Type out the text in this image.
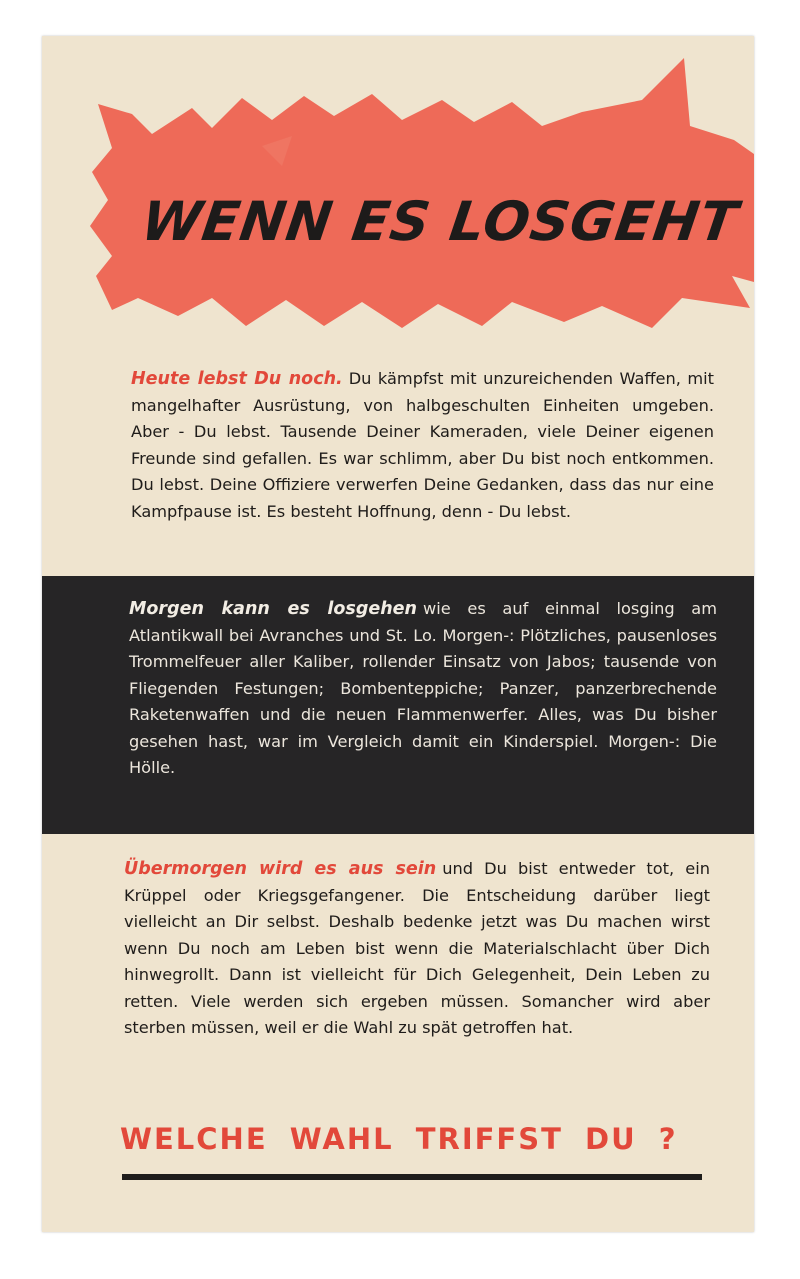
WENN ES LOSGEHT

Heute lebst Du noch. Du kämpfst mit unzureichenden Waffen, mit mangelhafter Ausrüstung, von halbgeschulten Einheiten umgeben. Aber - Du lebst. Tausende Deiner Kameraden, viele Deiner eigenen Freunde sind gefallen. Es war schlimm, aber Du bist noch entkommen. Du lebst. Deine Offiziere verwerfen Deine Gedanken, dass das nur eine Kampfpause ist. Es besteht Hoffnung, denn - Du lebst.

Morgen kann es losgehen wie es auf einmal losging am Atlantikwall bei Avranches und St. Lo. Morgen-: Plötzliches, pausenloses Trommelfeuer aller Kaliber, rollender Einsatz von Jabos; tausende von Fliegenden Festungen; Bombenteppiche; Panzer, panzerbrechende Raketenwaffen und die neuen Flammenwerfer. Alles, was Du bisher gesehen hast, war im Vergleich damit ein Kinderspiel. Morgen-: Die Hölle.

Übermorgen wird es aus sein und Du bist entweder tot, ein Krüppel oder Kriegsgefangener. Die Entscheidung darüber liegt vielleicht an Dir selbst. Deshalb bedenke jetzt was Du machen wirst wenn Du noch am Leben bist wenn die Materialschlacht über Dich hinwegrollt. Dann ist vielleicht für Dich Gelegenheit, Dein Leben zu retten. Viele werden sich ergeben müssen. Somancher wird aber sterben müssen, weil er die Wahl zu spät getroffen hat.

WELCHE WAHL TRIFFST DU ?
